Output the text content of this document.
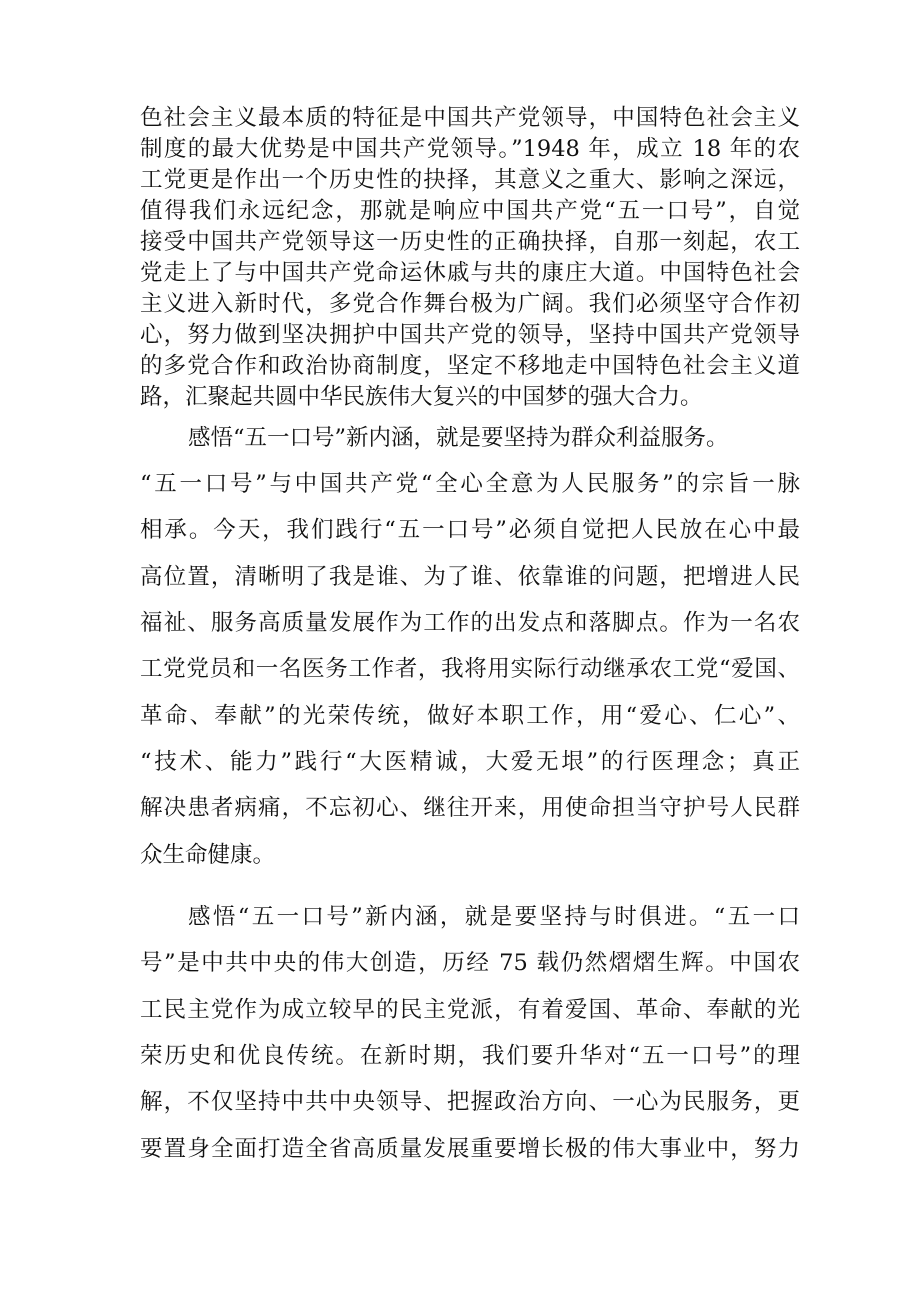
色社会主义最本质的特征是中国共产党领导，中国特色社会主义
制度的最大优势是中国共产党领导。”1948 年，成立 18 年的农
工党更是作出一个历史性的抉择，其意义之重大、影响之深远，
值得我们永远纪念，那就是响应中国共产党“五一口号”，自觉
接受中国共产党领导这一历史性的正确抉择，自那一刻起，农工
党走上了与中国共产党命运休戚与共的康庄大道。中国特色社会
主义进入新时代，多党合作舞台极为广阔。我们必须坚守合作初
心，努力做到坚决拥护中国共产党的领导，坚持中国共产党领导
的多党合作和政治协商制度，坚定不移地走中国特色社会主义道
路，汇聚起共圆中华民族伟大复兴的中国梦的强大合力。
感悟“五一口号”新内涵，就是要坚持为群众利益服务。
“五一口号”与中国共产党“全心全意为人民服务”的宗旨一脉
相承。今天，我们践行“五一口号”必须自觉把人民放在心中最
高位置，清晰明了我是谁、为了谁、依靠谁的问题，把增进人民
福祉、服务高质量发展作为工作的出发点和落脚点。作为一名农
工党党员和一名医务工作者，我将用实际行动继承农工党“爱国、
革命、奉献”的光荣传统，做好本职工作，用“爱心、仁心”、
“技术、能力”践行“大医精诚，大爱无垠”的行医理念；真正
解决患者病痛，不忘初心、继往开来，用使命担当守护号人民群
众生命健康。
感悟“五一口号”新内涵，就是要坚持与时俱进。“五一口
号”是中共中央的伟大创造，历经 75 载仍然熠熠生辉。中国农
工民主党作为成立较早的民主党派，有着爱国、革命、奉献的光
荣历史和优良传统。在新时期，我们要升华对“五一口号”的理
解，不仅坚持中共中央领导、把握政治方向、一心为民服务，更
要置身全面打造全省高质量发展重要增长极的伟大事业中，努力
